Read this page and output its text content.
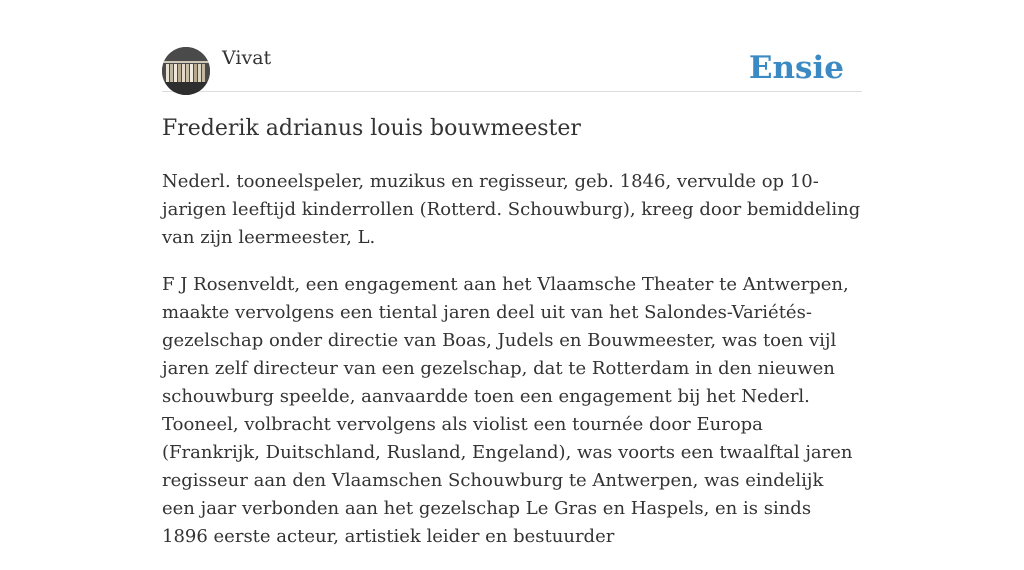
Vivat	Ensie
Frederik adrianus louis bouwmeester

Nederl. tooneelspeler, muzikus en regisseur, geb. 1846, vervulde op 10-jarigen leeftijd kinderrollen (Rotterd. Schouwburg), kreeg door bemiddeling van zijn leermeester, L.

F J Rosenveldt, een engagement aan het Vlaamsche Theater te Antwerpen, maakte vervolgens een tiental jaren deel uit van het Salondes-Variétés-gezelschap onder directie van Boas, Judels en Bouwmeester, was toen vijl jaren zelf directeur van een gezelschap, dat te Rotterdam in den nieuwen schouwburg speelde, aanvaardde toen een engagement bij het Nederl. Tooneel, volbracht vervolgens als violist een tournée door Europa (Frankrijk, Duitschland, Rusland, Engeland), was voorts een twaalftal jaren regisseur aan den Vlaamschen Schouwburg te Antwerpen, was eindelijk een jaar verbonden aan het gezelschap Le Gras en Haspels, en is sinds 1896 eerste acteur, artistiek leider en bestuurder
